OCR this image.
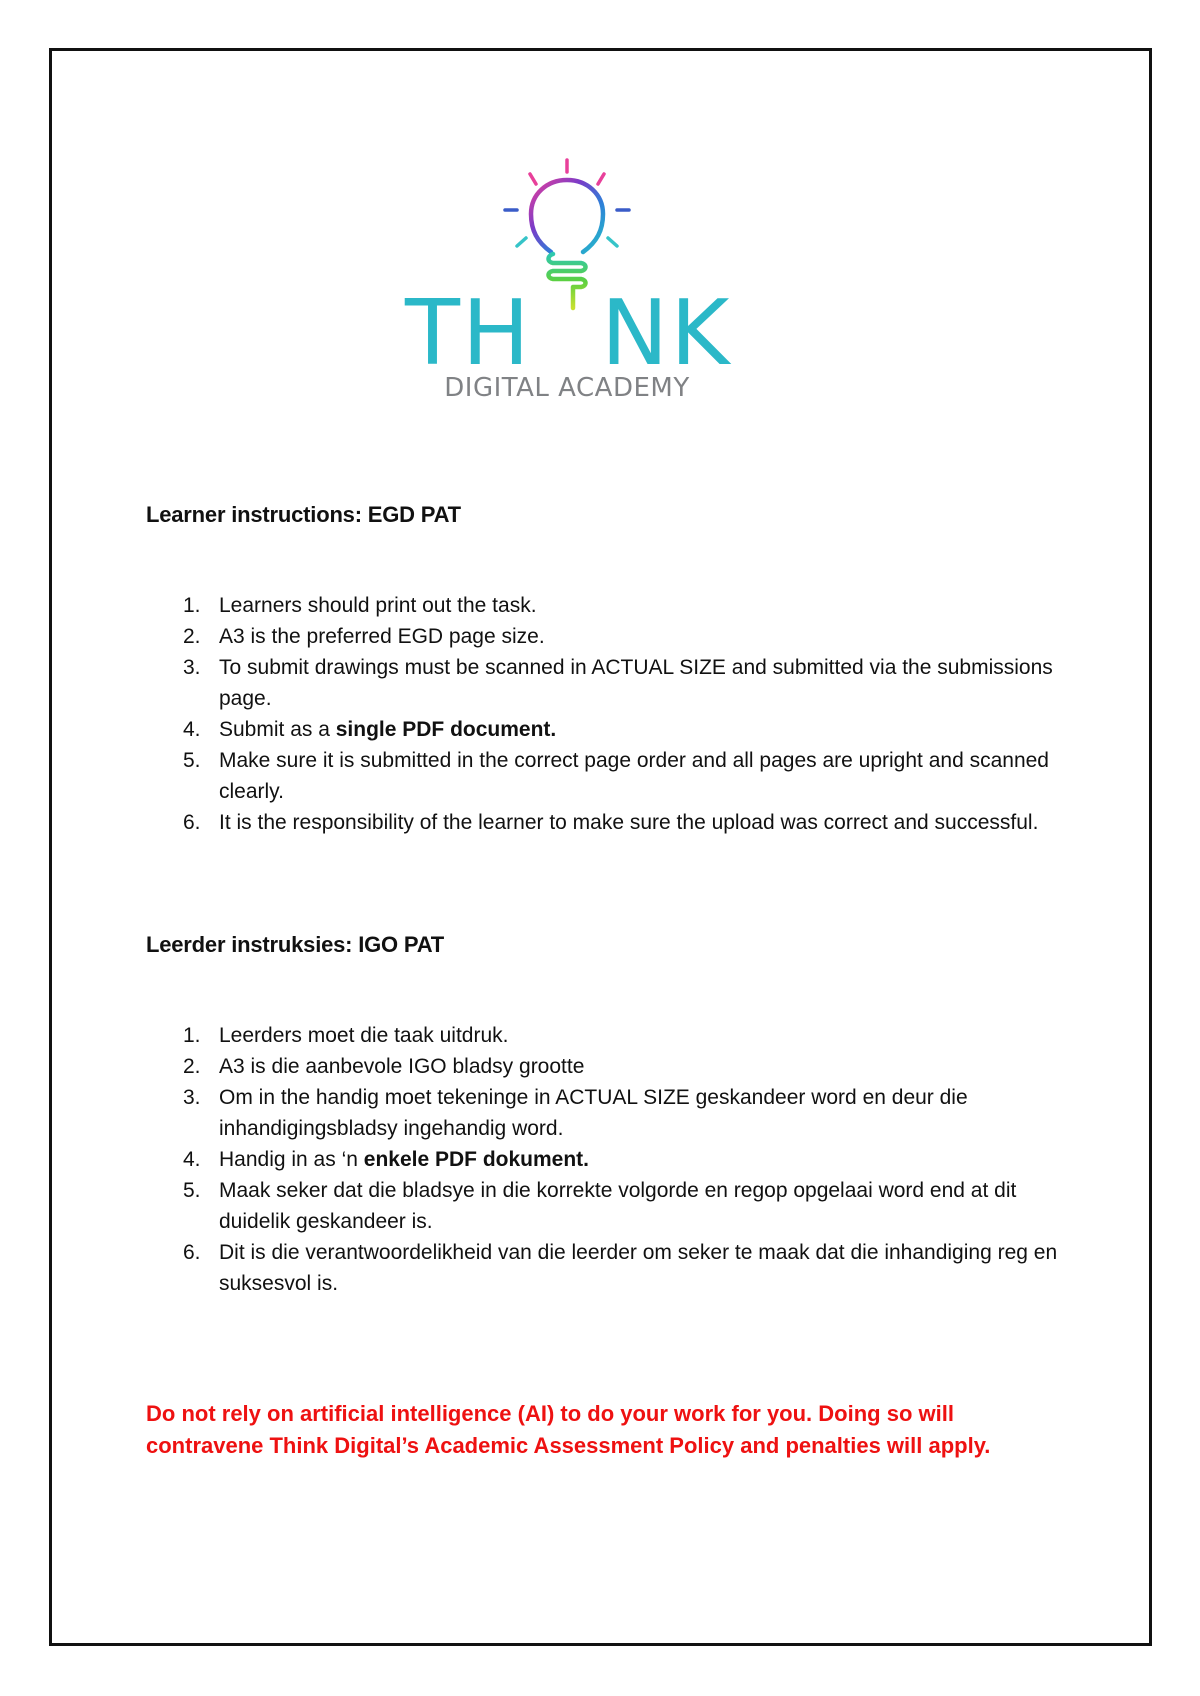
TH NK
DIGITAL ACADEMY
Learner instructions: EGD PAT
1. Learners should print out the task.
2. A3 is the preferred EGD page size.
3. To submit drawings must be scanned in ACTUAL SIZE and submitted via the submissions page.
4. Submit as a single PDF document.
5. Make sure it is submitted in the correct page order and all pages are upright and scanned clearly.
6. It is the responsibility of the learner to make sure the upload was correct and successful.
Leerder instruksies: IGO PAT
1. Leerders moet die taak uitdruk.
2. A3 is die aanbevole IGO bladsy grootte
3. Om in the handig moet tekeninge in ACTUAL SIZE geskandeer word en deur die inhandigingsbladsy ingehandig word.
4. Handig in as ‘n enkele PDF dokument.
5. Maak seker dat die bladsye in die korrekte volgorde en regop opgelaai word end at dit duidelik geskandeer is.
6. Dit is die verantwoordelikheid van die leerder om seker te maak dat die inhandiging reg en suksesvol is.

Do not rely on artificial intelligence (AI) to do your work for you. Doing so will contravene Think Digital’s Academic Assessment Policy and penalties will apply.
